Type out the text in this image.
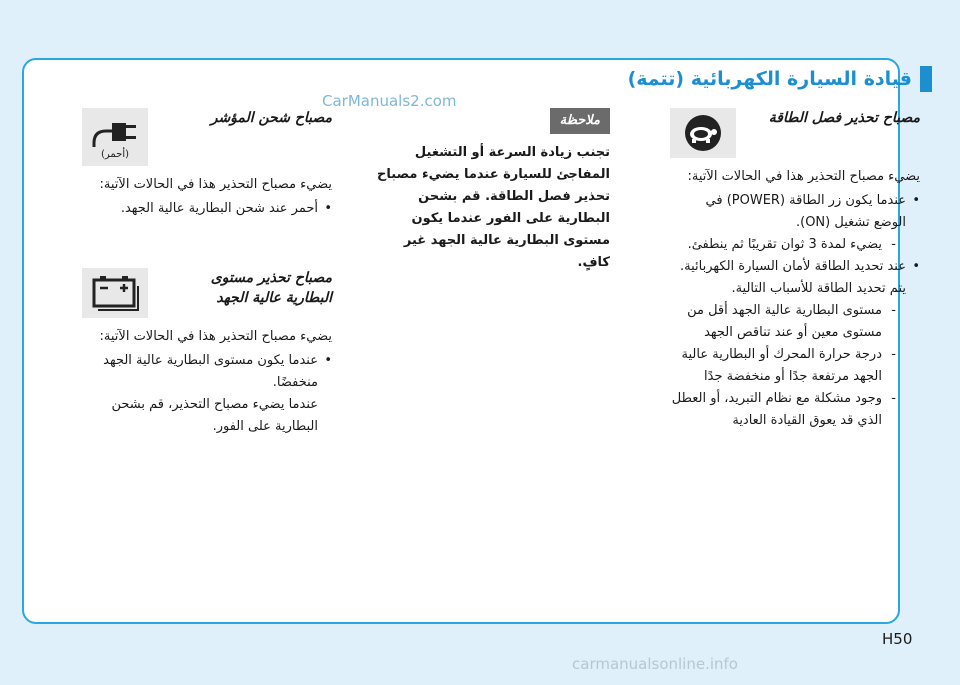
قيادة السيارة الكهربائية (تتمة)
CarManuals2.com
مصباح تحذير فصل الطاقة
يضيء مصباح التحذير هذا في الحالات الآتية:
• عندما يكون زر الطاقة (POWER) في الوضع تشغيل (ON).
- يضيء لمدة 3 ثوان تقريبًا ثم ينطفئ.
• عند تحديد الطاقة لأمان السيارة الكهربائية.
يتم تحديد الطاقة للأسباب التالية.
- مستوى البطارية عالية الجهد أقل من مستوى معين أو عند تناقص الجهد
- درجة حرارة المحرك أو البطارية عالية الجهد مرتفعة جدًا أو منخفضة جدًا
- وجود مشكلة مع نظام التبريد، أو العطل الذي قد يعوق القيادة العادية
ملاحظة
تجنب زيادة السرعة أو التشغيل المفاجئ للسيارة عندما يضيء مصباح تحذير فصل الطاقة. قم بشحن البطارية على الفور عندما يكون مستوى البطارية عالية الجهد غير كافٍ.
مصباح شحن المؤشر
(أحمر)
يضيء مصباح التحذير هذا في الحالات الآتية:
• أحمر عند شحن البطارية عالية الجهد.
مصباح تحذير مستوى البطارية عالية الجهد
يضيء مصباح التحذير هذا في الحالات الآتية:
• عندما يكون مستوى البطارية عالية الجهد منخفضًا.
عندما يضيء مصباح التحذير، قم بشحن البطارية على الفور.
H50
carmanualsonline.info
